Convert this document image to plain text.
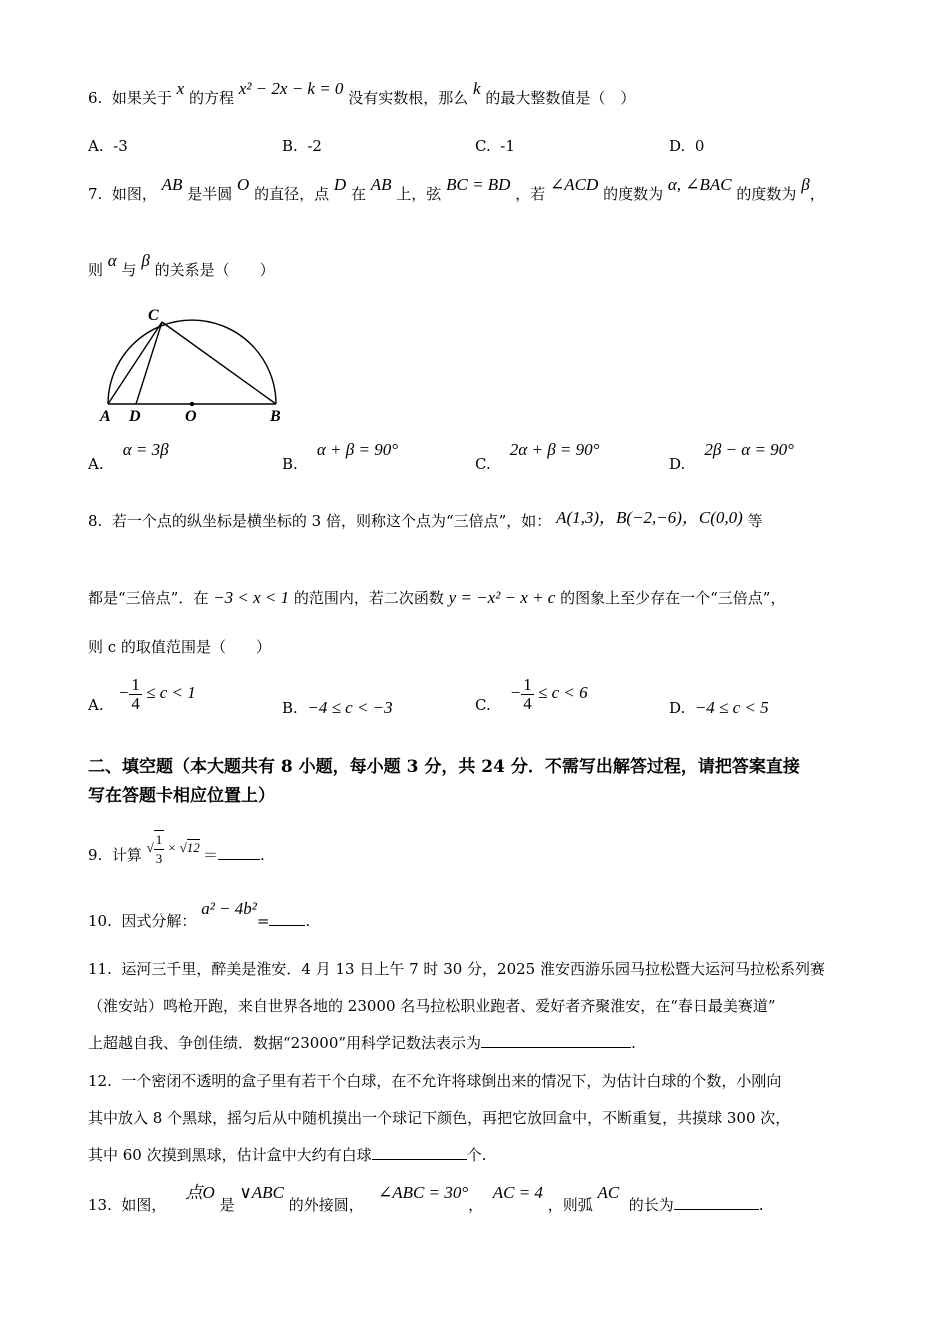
6. 如果关于 x 的方程 x² − 2x − k = 0 没有实数根，那么 k 的最大整数值是（　）
A. -3	B. -2	C. -1	D. 0
7. 如图， AB 是半圆 O 的直径，点 D 在 AB 上，弦 BC = BD ，若 ∠ACD 的度数为 α, ∠BAC 的度数为 β，
则 α 与 β 的关系是（　　）
C
A D	O	B
A.    α = 3β
B.    α + β = 90°
C.    2α + β = 90°
D.    2β − α = 90°
8. 若一个点的纵坐标是横坐标的 3 倍，则称这个点为“三倍点”，如： A(1,3)，B(−2,−6)，C(0,0) 等
都是“三倍点”．在 −3 < x < 1 的范围内，若二次函数 y = −x² − x + c 的图象上至少存在一个“三倍点”，
则 c 的取值范围是（　　）
A.   − $\frac{1}{4} \le c < 1$
B. −4 ≤ c < −3	C.    − $\frac{1}{4} \le c < 6$
D. −4 ≤ c < 5
二、填空题（本大题共有 8 小题，每小题 3 分，共 24 分．不需写出解答过程，请把答案直接
写在答题卡相应位置上）
9. 计算 √ $\frac{1}{3} \times √12$ ＝	.
10. 因式分解： a² − 4b²= .
11. 运河三千里，醉美是淮安．4 月 13 日上午 7 时 30 分，2025 淮安西游乐园马拉松暨大运河马拉松系列赛
（淮安站）鸣枪开跑，来自世界各地的 23000 名马拉松职业跑者、爱好者齐聚淮安，在“春日最美赛道”
上超越自我、争创佳绩．数据“23000”用科学记数法表示为	.
12. 一个密闭不透明的盒子里有若干个白球，在不允许将球倒出来的情况下，为估计白球的个数，小刚向
其中放入 8 个黑球，摇匀后从中随机摸出一个球记下颜色，再把它放回盒中，不断重复，共摸球 300 次，
其中 60 次摸到黑球，估计盒中大约有白球	个.
13. 如图，    点O 是 ∨ABC 的外接圆，   ∠ABC = 30°，  AC = 4 ，则弧 AC  的长为	.
